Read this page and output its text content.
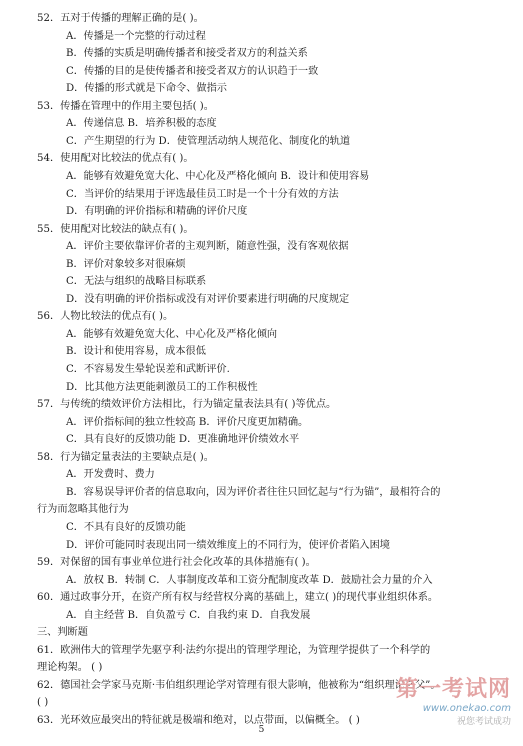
52．五对于传播的理解正确的是( )。
A．传播是一个完整的行动过程
B．传播的实质是明确传播者和接受者双方的利益关系
C．传播的目的是使传播者和接受者双方的认识趋于一致
D．传播的形式就是下命令、做指示
53．传播在管理中的作用主要包括( )。
A．传递信息 B．培养积极的态度
C．产生期望的行为 D．使管理活动纳人规范化、制度化的轨道
54．使用配对比较法的优点有( )。
A．能够有效避免宽大化、中心化及严格化倾向 B．设计和使用容易
C．当评价的结果用于评选最佳员工时是一个十分有效的方法
D．有明确的评价指标和精确的评价尺度
55．使用配对比较法的缺点有( )。
A．评价主要依靠评价者的主观判断，随意性强，没有客观依据
B．评价对象较多对很麻烦
C．无法与组织的战略目标联系
D．没有明确的评价指标或没有对评价要素进行明确的尺度规定
56．人物比较法的优点有( )。
A．能够有效避免宽大化、中心化及严格化倾向
B．设计和使用容易，成本很低
C．不容易发生晕轮误差和武断评价.
D．比其他方法更能刺激员工的工作积极性
57．与传统的绩效评价方法相比，行为锚定量表法具有( )等优点。
A．评价指标间的独立性较高 B．评价尺度更加精确。
C．具有良好的反馈功能 D．更准确地评价绩效水平
58．行为锚定量表法的主要缺点是( )。
A．开发费时、费力
B．容易误导评价者的信息取向，因为评价者往往只回忆起与“行为锚”，最相符合的
行为而忽略其他行为
C．不具有良好的反馈功能
D．评价可能同时表现出同一绩效维度上的不同行为，使评价者陷入困境
59．对保留的国有事业单位进行社会化改革的具体措施有( )。
A．放权 B．转制 C．人事制度改革和工资分配制度改革 D．鼓励社会力量的介入
60．通过政事分开，在资产所有权与经营权分离的基础上，建立( )的现代事业组织体系。
A．自主经营 B．自负盈亏 C．自我约束 D．自我发展
三、判断题
61．欧洲伟大的管理学先驱亨利·法约尔提出的管理学理论，为管理学提供了一个科学的
理论构架。 ( )
62．德国社会学家马克斯·韦伯组织理论学对管理有很大影响，他被称为“组织理论之父”。
( )
63．光环效应最突出的特征就是极端和绝对，以点带面，以偏概全。 ( )
5
第一考试网
www.onekao.com
祝您考试成功
